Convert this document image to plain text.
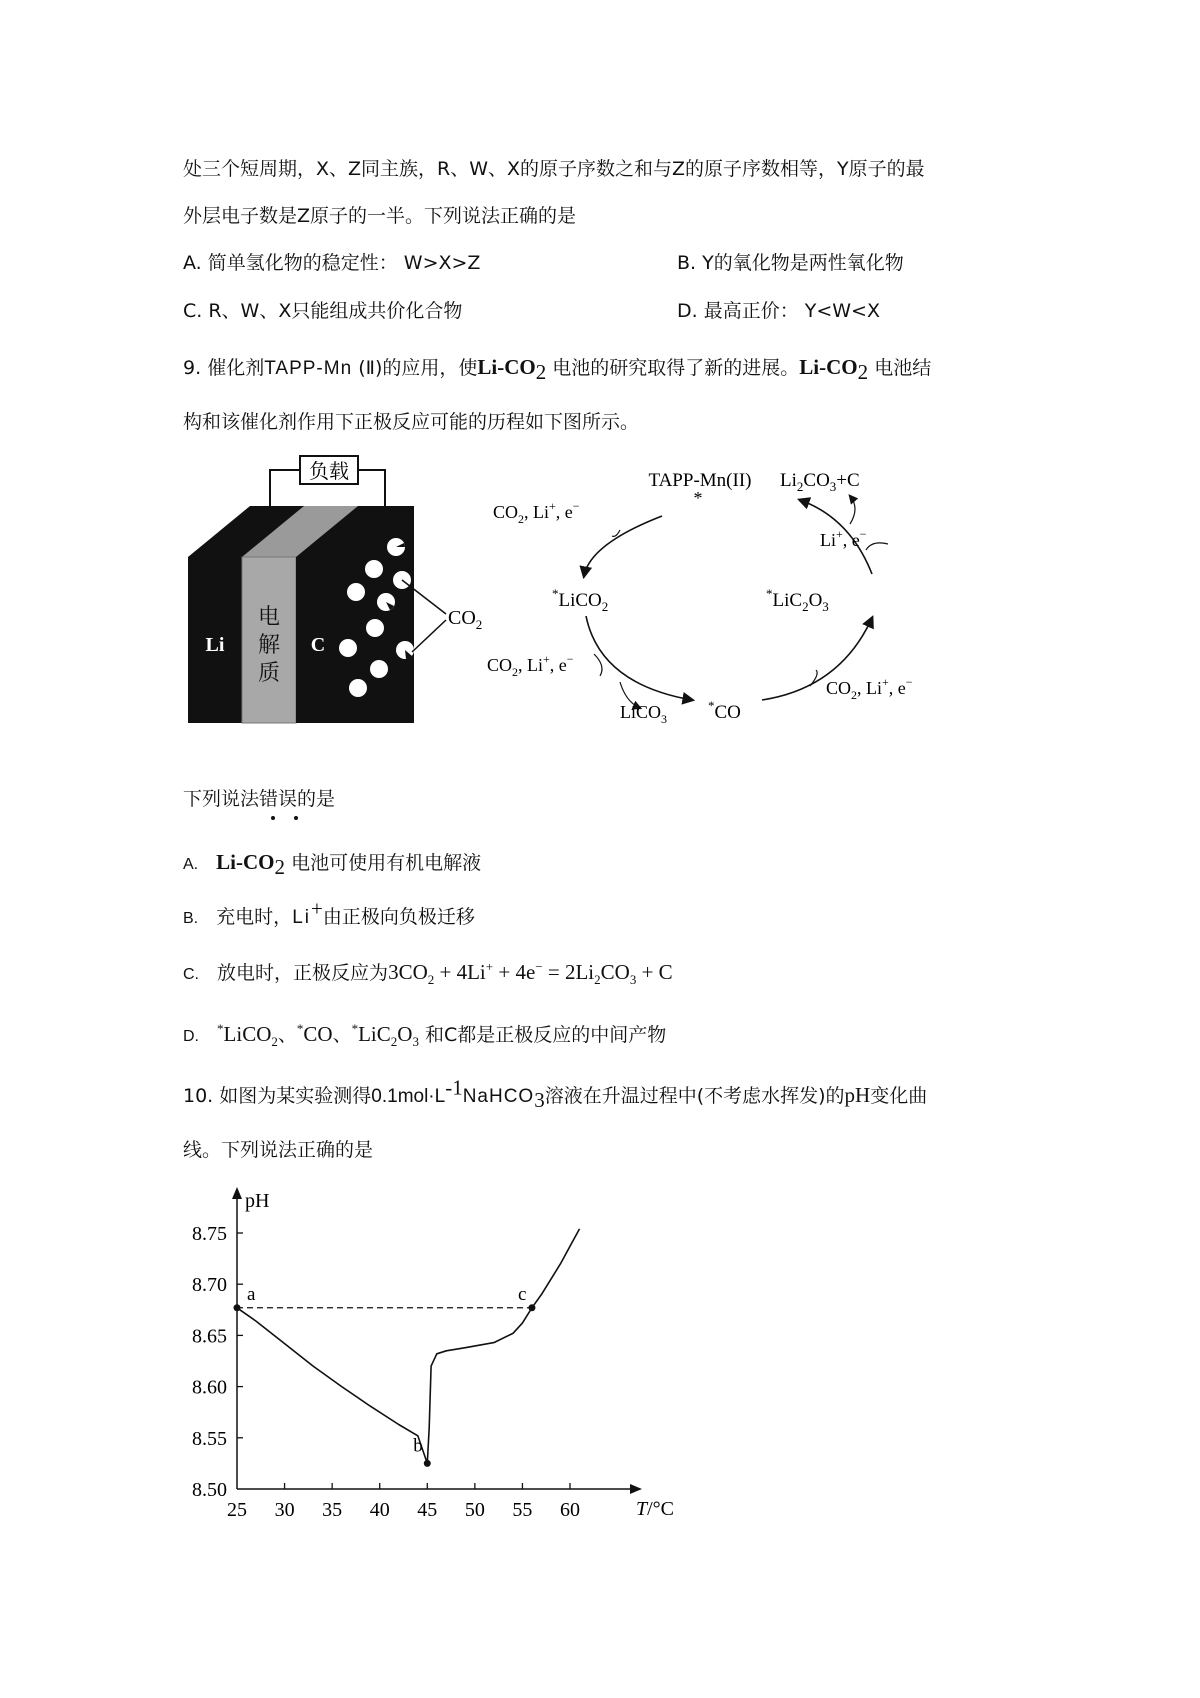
处三个短周期，X、Z同主族，R、W、X的原子序数之和与Z的原子序数相等，Y原子的最
外层电子数是Z原子的一半。下列说法正确的是
A. 简单氢化物的稳定性： W>X>Z	B. Y的氧化物是两性氧化物
C. R、W、X只能组成共价化合物	D. 最高正价： Y<W<X
9. 催化剂TAPP-Mn (Ⅱ)的应用，使$Li-CO_2$ 电池的研究取得了新的进展。$Li-CO_2$ 电池结
构和该催化剂作用下正极反应可能的历程如下图所示。
负载
Li
电
解
质
C
$CO_2$
TAPP-Mn(II)
*
$CO_2$, Li+, e−
*LiCO$_2$
$Li_2CO_3+C$
Li+, e−
$^*LiC_2O_3$
$CO_2$, Li+, e−
LiCO$_3$
*CO
$CO_2$, Li+, e−
下列说法错误的是
A. $Li-CO_2$ 电池可使用有机电解液
B. 充电时，Li+由正极向负极迁移
C. 放电时，正极反应为$3CO_2 + 4Li^+ + 4e^- = 2Li_2CO_3 + C$
D. *LiCO$_2$、*CO、$^*LiC_2O_3$ 和C都是正极反应的中间产物
10. 如图为某实验测得$0.1mol\cdot L^{-1}NaHCO_3$溶液在升温过程中(不考虑水挥发)的pH变化曲
线。下列说法正确的是
pH
T/°C
8.50
8.55
8.60
8.65
8.70
8.75
25 30 35 40 45 50 55 60
a
b
c
